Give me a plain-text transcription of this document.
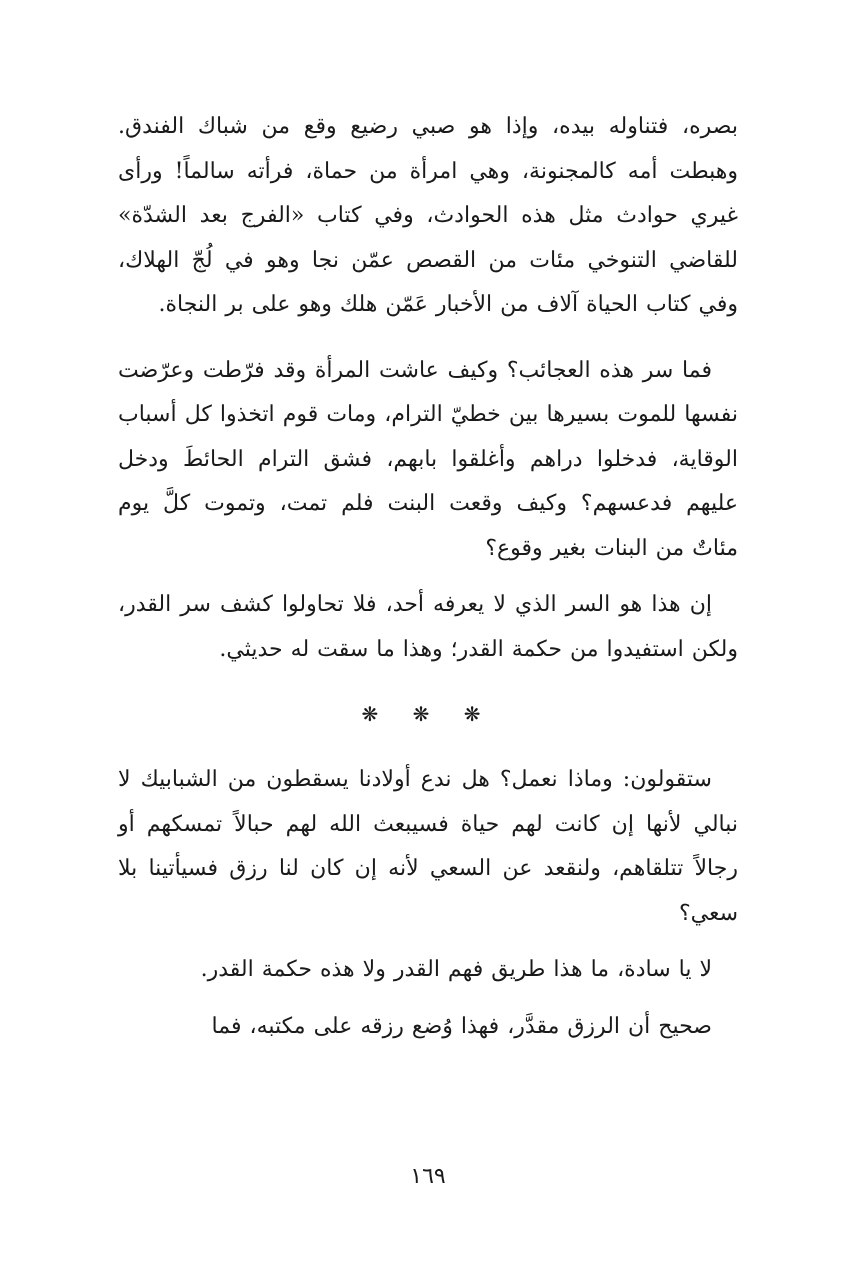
بصره، فتناوله بيده، وإذا هو صبي رضيع وقع من شباك الفندق. وهبطت أمه كالمجنونة، وهي امرأة من حماة، فرأته سالماً! ورأى غيري حوادث مثل هذه الحوادث، وفي كتاب «الفرج بعد الشدّة» للقاضي التنوخي مئات من القصص عمّن نجا وهو في لُجّ الهلاك، وفي كتاب الحياة آلاف من الأخبار عَمّن هلك وهو على بر النجاة.

فما سر هذه العجائب؟ وكيف عاشت المرأة وقد فرّطت وعرّضت نفسها للموت بسيرها بين خطيّ الترام، ومات قوم اتخذوا كل أسباب الوقاية، فدخلوا دراهم وأغلقوا بابهم، فشق الترام الحائطَ ودخل عليهم فدعسهم؟ وكيف وقعت البنت فلم تمت، وتموت كلَّ يوم مئاتٌ من البنات بغير وقوع؟

إن هذا هو السر الذي لا يعرفه أحد، فلا تحاولوا كشف سر القدر، ولكن استفيدوا من حكمة القدر؛ وهذا ما سقت له حديثي.

❋ ❋ ❋

ستقولون: وماذا نعمل؟ هل ندع أولادنا يسقطون من الشبابيك لا نبالي لأنها إن كانت لهم حياة فسيبعث الله لهم حبالاً تمسكهم أو رجالاً تتلقاهم، ولنقعد عن السعي لأنه إن كان لنا رزق فسيأتينا بلا سعي؟

لا يا سادة، ما هذا طريق فهم القدر ولا هذه حكمة القدر.

صحيح أن الرزق مقدَّر، فهذا وُضع رزقه على مكتبه، فما

١٦٩
